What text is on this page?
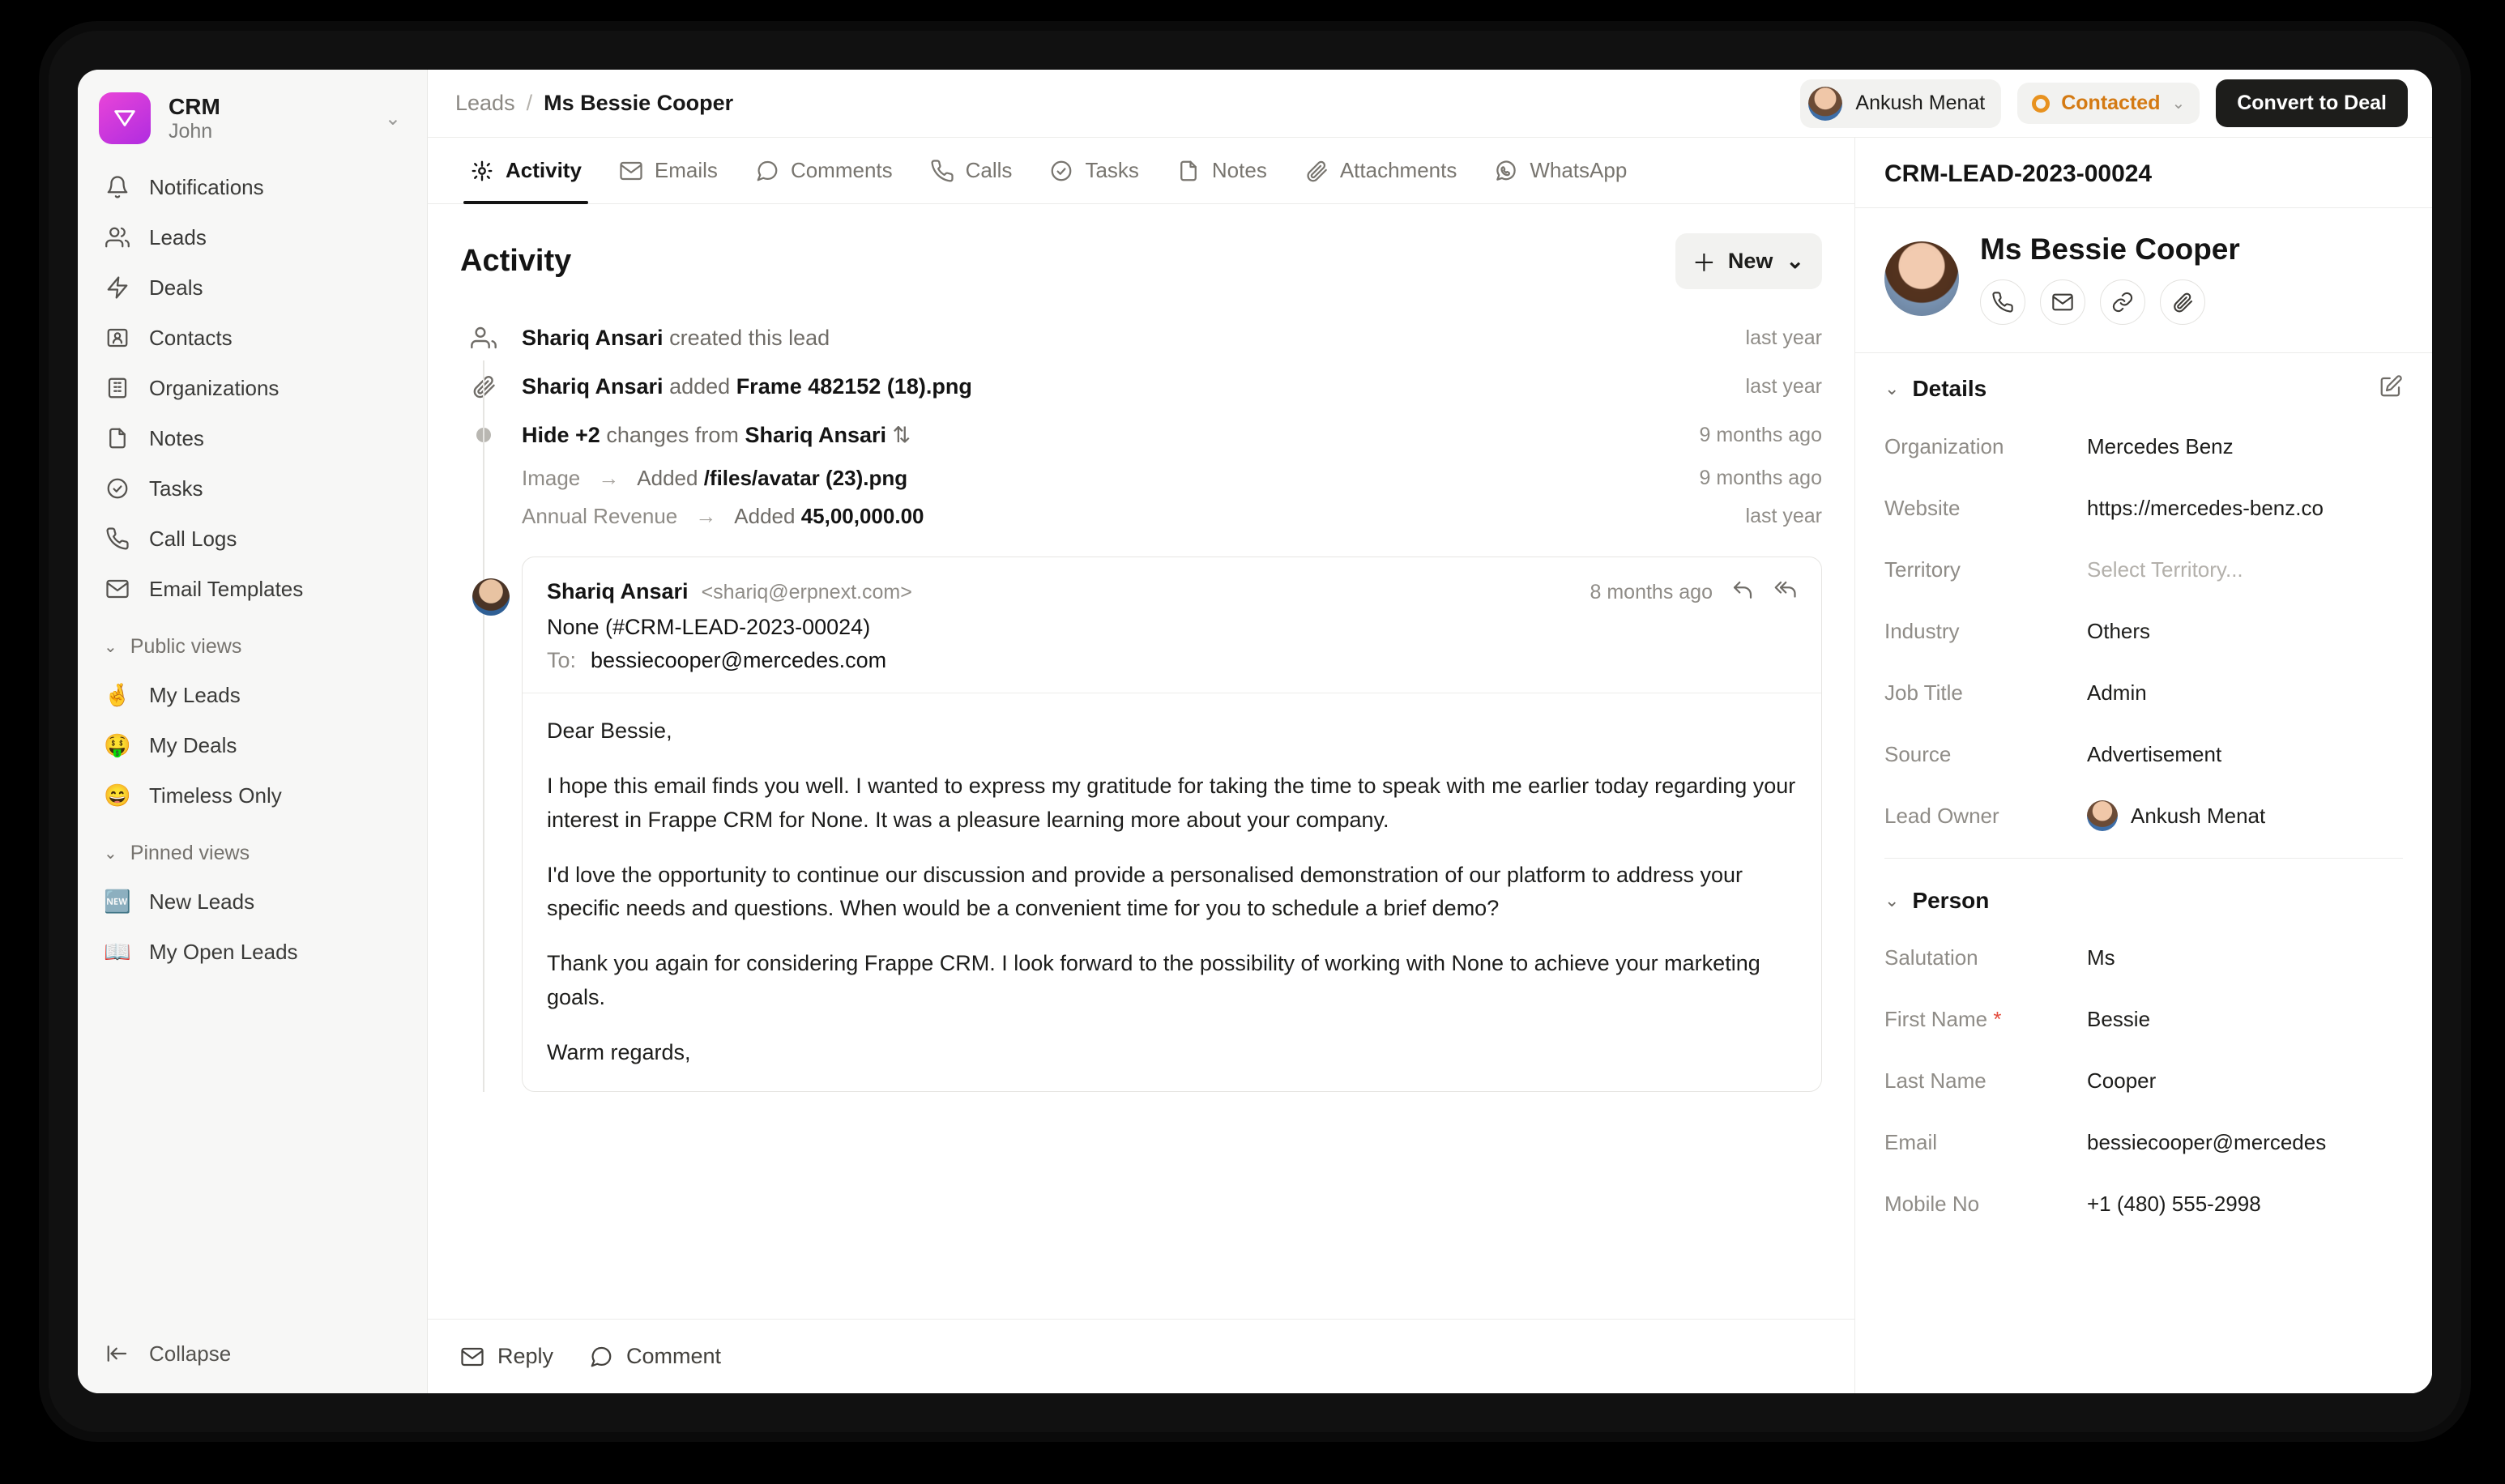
CRM
John
⌄
Notifications
Leads
Deals
Contacts
Organizations
Notes
Tasks
Call Logs
Email Templates
⌄ Public views
🤞 My Leads
🤑 My Deals
😄 Timeless Only
⌄ Pinned views
🆕 New Leads
📖 My Open Leads
Collapse
Leads / Ms Bessie Cooper	Ankush Menat	Contacted ⌄	Convert to Deal
Activity	Emails	Comments	Calls	Tasks	Notes	Attachments	WhatsApp
Activity	＋ New ⌄
Shariq Ansari created this lead	last year
Shariq Ansari added Frame 482152 (18).png	last year
Hide +2 changes from Shariq Ansari ⇅	9 months ago
Image → Added /files/avatar (23).png	9 months ago
Annual Revenue → Added 45,00,000.00	last year
Shariq Ansari <shariq@erpnext.com>	8 months ago
None (#CRM-LEAD-2023-00024)
To: bessiecooper@mercedes.com

Dear Bessie,

I hope this email finds you well. I wanted to express my gratitude for taking the time to speak with me earlier today regarding your interest in Frappe CRM for None. It was a pleasure learning more about your company.

I'd love the opportunity to continue our discussion and provide a personalised demonstration of our platform to address your specific needs and questions. When would be a convenient time for you to schedule a brief demo?

Thank you again for considering Frappe CRM. I look forward to the possibility of working with None to achieve your marketing goals.

Warm regards,

Reply	Comment
CRM-LEAD-2023-00024
Ms Bessie Cooper
⌄ Details
Organization	Mercedes Benz
Website	https://mercedes-benz.co
Territory	Select Territory...
Industry	Others
Job Title	Admin
Source	Advertisement
Lead Owner	Ankush Menat
⌄ Person
Salutation	Ms
First Name *	Bessie
Last Name	Cooper
Email	bessiecooper@mercedes
Mobile No	+1 (480) 555-2998
